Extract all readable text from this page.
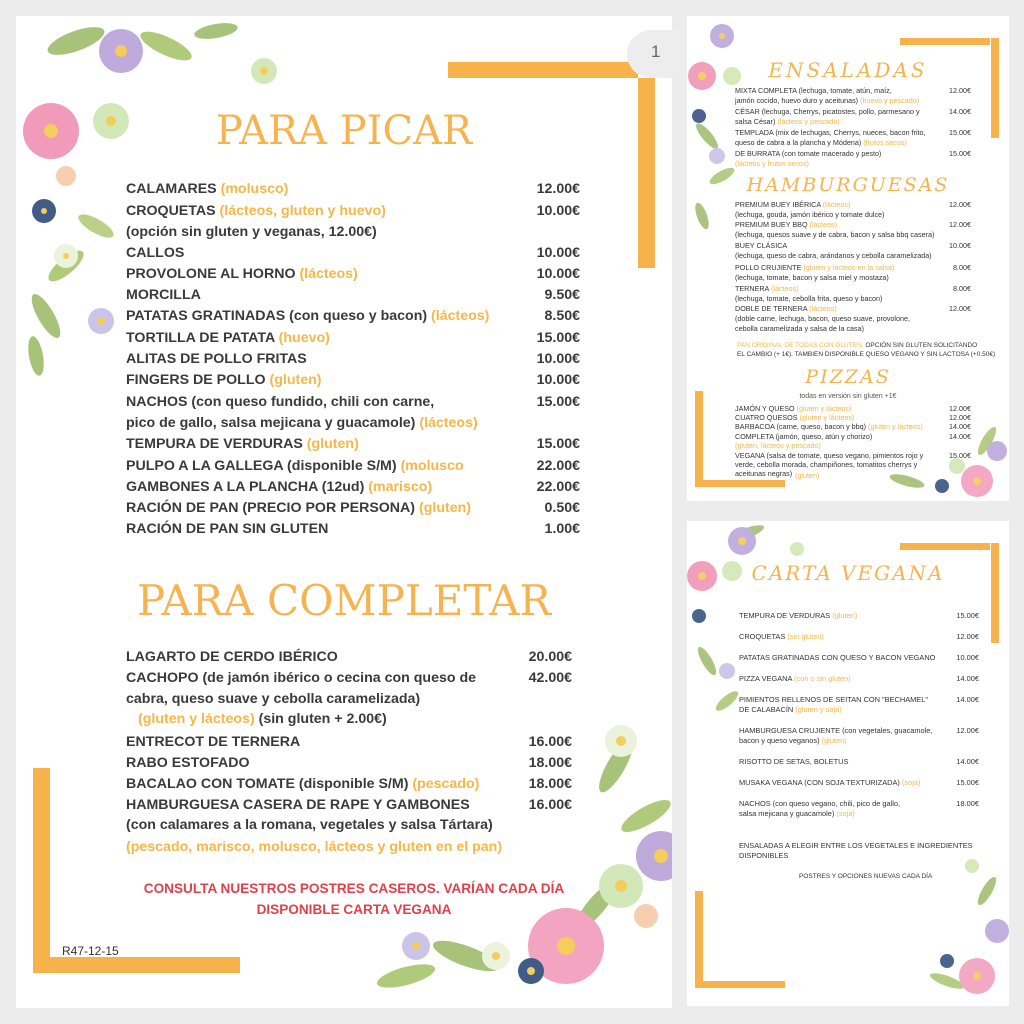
PARA PICAR
CALAMARES (molusco)	12.00€
CROQUETAS (lácteos, gluten y huevo)	10.00€
(opción sin gluten y veganas, 12.00€)
CALLOS	10.00€
PROVOLONE AL HORNO (lácteos)	10.00€
MORCILLA	9.50€
PATATAS GRATINADAS (con queso y bacon) (lácteos)	8.50€
TORTILLA DE PATATA (huevo)	15.00€
ALITAS DE POLLO FRITAS	10.00€
FINGERS DE POLLO (gluten)	10.00€
NACHOS (con queso fundido, chili con carne,	15.00€
pico de gallo, salsa mejicana y guacamole) (lácteos)
TEMPURA DE VERDURAS (gluten)	15.00€
PULPO A LA GALLEGA (disponible S/M) (molusco	22.00€
GAMBONES A LA PLANCHA (12ud) (marisco)	22.00€
RACIÓN DE PAN (PRECIO POR PERSONA) (gluten)	0.50€
RACIÓN DE PAN SIN GLUTEN	1.00€
PARA COMPLETAR
LAGARTO DE CERDO IBÉRICO	20.00€
CACHOPO (de jamón ibérico o cecina con queso de	42.00€
cabra, queso suave y cebolla caramelizada)
ENTRECOT DE TERNERA	16.00€
RABO ESTOFADO	18.00€
BACALAO CON TOMATE (disponible S/M) (pescado)	18.00€
HAMBURGUESA CASERA DE RAPE Y GAMBONES	16.00€
(gluten y lácteos) (sin gluten + 2.00€)
(con calamares a la romana, vegetales y salsa Tártara)
(pescado, marisco, molusco, lácteos y gluten en el pan)
CONSULTA NUESTROS POSTRES CASEROS. VARÍAN CADA DÍA
DISPONIBLE CARTA VEGANA
R47-12-15
1
ENSALADAS
MIXTA COMPLETA (lechuga, tomate, atún, maíz,	12.00€
jamón cocido, huevo duro y aceitunas) (huevo y pescado)
CÉSAR (lechuga, Cherrys, picatostes, pollo, parmesano y	14.00€
salsa César) (lácteos y pescado)
TEMPLADA (mix de lechugas, Cherrys, nueces, bacon frito,	15.00€
queso de cabra a la plancha y Módena) (frutos secos)
DE BURRATA (con tomate macerado y pesto)	15.00€
(lácteos y frutos secos)
HAMBURGUESAS
PREMIUM BUEY IBÉRICA (lácteos)	12.00€
(lechuga, gouda, jamón ibérico y tomate dulce)
PREMIUM BUEY BBQ (lácteos)	12.00€
(lechuga, quesos suave y de cabra, bacon y salsa bbq casera)
BUEY CLÁSICA	10.00€
(lechuga, queso de cabra, arándanos y cebolla caramelizada)
POLLO CRUJIENTE (gluten y lácteos en la salsa)	8.00€
(lechuga, tomate, bacon y salsa miel y mostaza)
TERNERA (lácteos)	8.00€
(lechuga, tomate, cebolla frita, queso y bacon)
DOBLE DE TERNERA (lácteos)	12.00€
(doble carne, lechuga, bacon, queso suave, provolone,
cebolla caramelizada y salsa de la casa)
PAN ORIGINAL DE TODAS CON GLUTEN. OPCIÓN SIN GLUTEN SOLICITANDO
EL CAMBIO (+ 1€). TAMBIEN DISPONIBLE QUESO VEGANO Y SIN LACTOSA (+0.50€)
PIZZAS
todas en versión sin gluten +1€
JAMÓN Y QUESO (gluten y lácteos)	12.00€
CUATRO QUESOS (gluten y lácteos)	12.00€
BARBACOA (carne, queso, bacon y bbq) (gluten y lácteos)	14.00€
COMPLETA (jamón, queso, atún y chorizo)	14.00€
(gluten, lácteos y pescado)
VEGANA (salsa de tomate, queso vegano, pimientos rojo y	15.00€
verde, cebolla morada, champiñones, tomatitos cherrys y
aceitunas negras) (gluten)
CARTA VEGANA
TEMPURA DE VERDURAS (gluten)	15.00€
CROQUETAS (sin gluten)	12.00€
PATATAS GRATINADAS CON QUESO Y BACON VEGANO	10.00€
PIZZA VEGANA (con o sin gluten)	14.00€
PIMIENTOS RELLENOS DE SEITAN CON "BECHAMEL"	14.00€
DE CALABACÍN (gluten y soja)
HAMBURGUESA CRUJIENTE (con vegetales, guacamole,	12.00€
bacon y queso veganos) (gluten)
RISOTTO DE SETAS, BOLETUS	14.00€
MUSAKA VEGANA (CON SOJA TEXTURIZADA) (soja)	15.00€
NACHOS (con queso vegano, chili, pico de gallo,	18.00€
salsa mejicana y guacamole) (soja)
ENSALADAS A ELEGIR ENTRE LOS VEGETALES E INGREDIENTES
DISPONIBLES
POSTRES Y OPCIONES NUEVAS CADA DÍA
